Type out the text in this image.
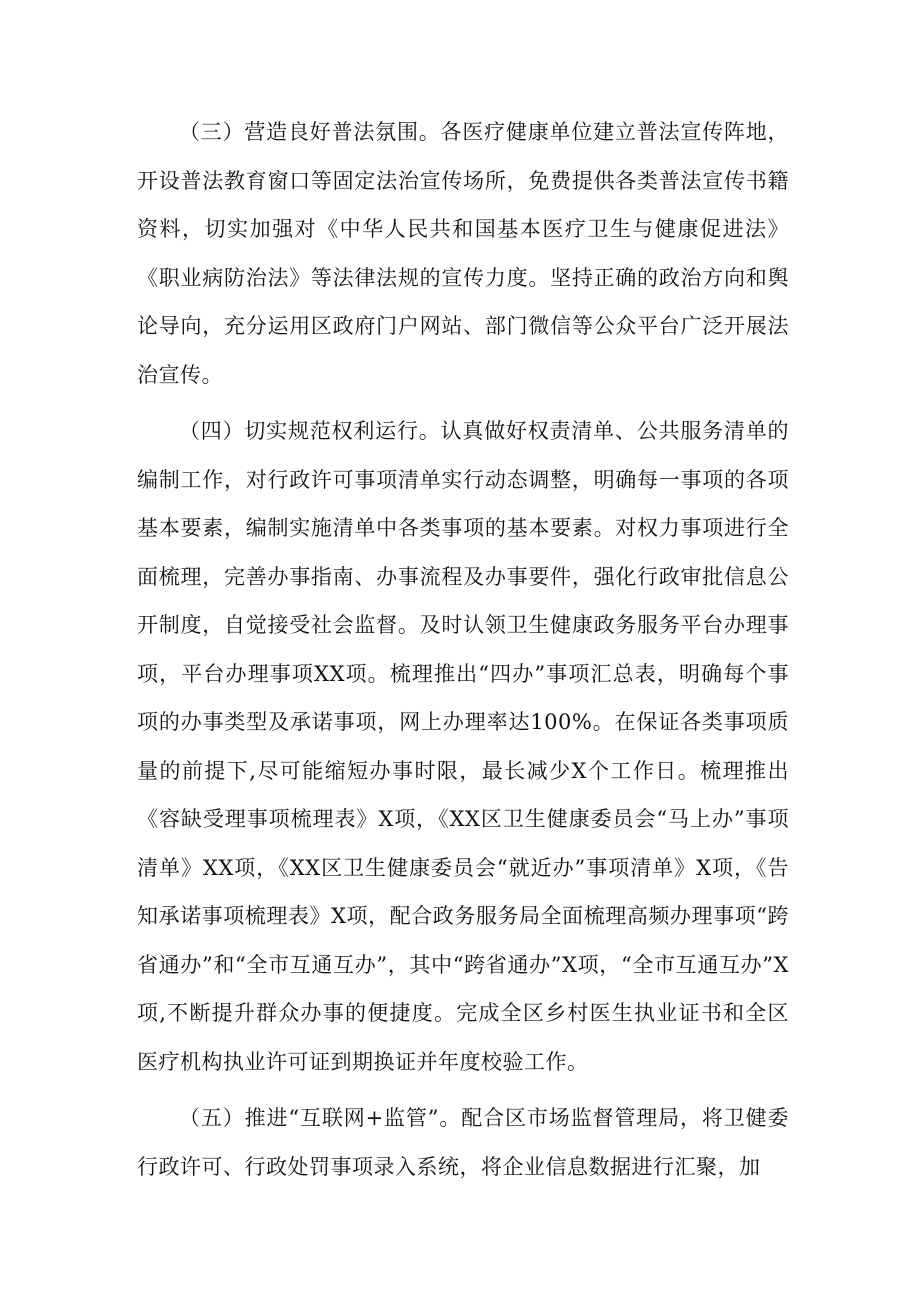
（三）营造良好普法氛围。各医疗健康单位建立普法宣传阵地，开设普法教育窗口等固定法治宣传场所，免费提供各类普法宣传书籍资料，切实加强对《中华人民共和国基本医疗卫生与健康促进法》《职业病防治法》等法律法规的宣传力度。坚持正确的政治方向和舆论导向，充分运用区政府门户网站、部门微信等公众平台广泛开展法治宣传。

（四）切实规范权利运行。认真做好权责清单、公共服务清单的编制工作，对行政许可事项清单实行动态调整，明确每一事项的各项基本要素，编制实施清单中各类事项的基本要素。对权力事项进行全面梳理，完善办事指南、办事流程及办事要件，强化行政审批信息公开制度，自觉接受社会监督。及时认领卫生健康政务服务平台办理事项，平台办理事项XX项。梳理推出“四办”事项汇总表，明确每个事项的办事类型及承诺事项，网上办理率达100%。在保证各类事项质量的前提下,尽可能缩短办事时限，最长减少X个工作日。梳理推出《容缺受理事项梳理表》X项，《XX区卫生健康委员会“马上办”事项清单》XX项，《XX区卫生健康委员会“就近办”事项清单》X项，《告知承诺事项梳理表》X项，配合政务服务局全面梳理高频办理事项“跨省通办”和“全市互通互办”，其中“跨省通办”X项，“全市互通互办”X项,不断提升群众办事的便捷度。完成全区乡村医生执业证书和全区医疗机构执业许可证到期换证并年度校验工作。

（五）推进“互联网+监管”。配合区市场监督管理局，将卫健委行政许可、行政处罚事项录入系统，将企业信息数据进行汇聚，加
